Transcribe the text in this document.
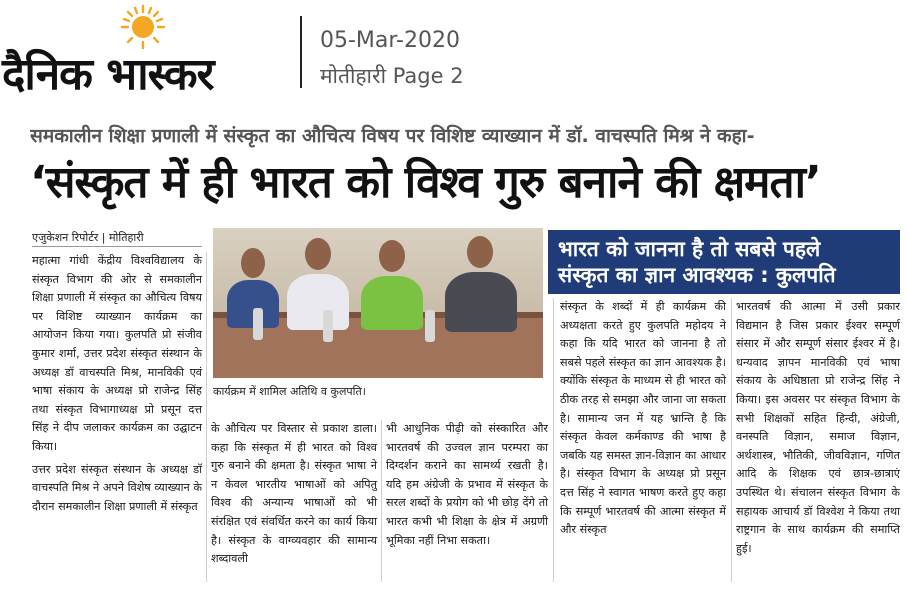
दैनिक भास्कर
05-Mar-2020
मोतीहारी Page 2
समकालीन शिक्षा प्रणाली में संस्कृत का औचित्य विषय पर विशिष्ट व्याख्यान में डॉ. वाचस्पति मिश्र ने कहा-
‘संस्कृत में ही भारत को विश्व गुरु बनाने की क्षमता’
एजुकेशन रिपोर्टर | मोतिहारी
कार्यक्रम में शामिल अतिथि व कुलपति।
भारत को जानना है तो सबसे पहले
संस्कृत का ज्ञान आवश्यक : कुलपति

महात्मा गांधी केंद्रीय विश्वविद्यालय के संस्कृत विभाग की ओर से समकालीन शिक्षा प्रणाली में संस्कृत का औचित्य विषय पर विशिष्ट व्याख्यान कार्यक्रम का आयोजन किया गया। कुलपति प्रो संजीव कुमार शर्मा, उत्तर प्रदेश संस्कृत संस्थान के अध्यक्ष डॉ वाचस्पति मिश्र, मानविकी एवं भाषा संकाय के अध्यक्ष प्रो राजेन्द्र सिंह तथा संस्कृत विभागाध्यक्ष प्रो प्रसून दत्त सिंह ने दीप जलाकर कार्यक्रम का उद्घाटन किया।

उत्तर प्रदेश संस्कृत संस्थान के अध्यक्ष डॉ वाचस्पति मिश्र ने अपने विशेष व्याख्यान के दौरान समकालीन शिक्षा प्रणाली में संस्कृत

के औचित्य पर विस्तार से प्रकाश डाला। कहा कि संस्कृत में ही भारत को विश्व गुरु बनाने की क्षमता है। संस्कृत भाषा ने न केवल भारतीय भाषाओं को अपितु विश्व की अन्यान्य भाषाओं को भी संरक्षित एवं संवर्धित करने का कार्य किया है। संस्कृत के वाग्व्यवहार की सामान्य शब्दावली

भी आधुनिक पीढ़ी को संस्कारित और भारतवर्ष की उज्वल ज्ञान परम्परा का दिग्दर्शन कराने का सामर्थ्य रखती है। यदि हम अंग्रेजी के प्रभाव में संस्कृत के सरल शब्दों के प्रयोग को भी छोड़ देंगे तो भारत कभी भी शिक्षा के क्षेत्र में अग्रणी भूमिका नहीं निभा सकता।

संस्कृत के शब्दों में ही कार्यक्रम की अध्यक्षता करते हुए कुलपति महोदय ने कहा कि यदि भारत को जानना है तो सबसे पहले संस्कृत का ज्ञान आवश्यक है। क्योंकि संस्कृत के माध्यम से ही भारत को ठीक तरह से समझा और जाना जा सकता है। सामान्य जन में यह भ्रान्ति है कि संस्कृत केवल कर्मकाण्ड की भाषा है जबकि यह समस्त ज्ञान-विज्ञान का आधार है। संस्कृत विभाग के अध्यक्ष प्रो प्रसून दत्त सिंह ने स्वागत भाषण करते हुए कहा कि सम्पूर्ण भारतवर्ष की आत्मा संस्कृत में और संस्कृत

भारतवर्ष की आत्मा में उसी प्रकार विद्यमान है जिस प्रकार ईश्वर सम्पूर्ण संसार में और सम्पूर्ण संसार ईश्वर में है। धन्यवाद ज्ञापन मानविकी एवं भाषा संकाय के अधिष्ठाता प्रो राजेन्द्र सिंह ने किया। इस अवसर पर संस्कृत विभाग के सभी शिक्षकों सहित हिन्दी, अंग्रेजी, वनस्पति विज्ञान, समाज विज्ञान, अर्थशास्त्र, भौतिकी, जीवविज्ञान, गणित आदि के शिक्षक एवं छात्र-छात्राएं उपस्थित थे। संचालन संस्कृत विभाग के सहायक आचार्य डॉ विश्वेश ने किया तथा राष्ट्रगान के साथ कार्यक्रम की समाप्ति हुई।
